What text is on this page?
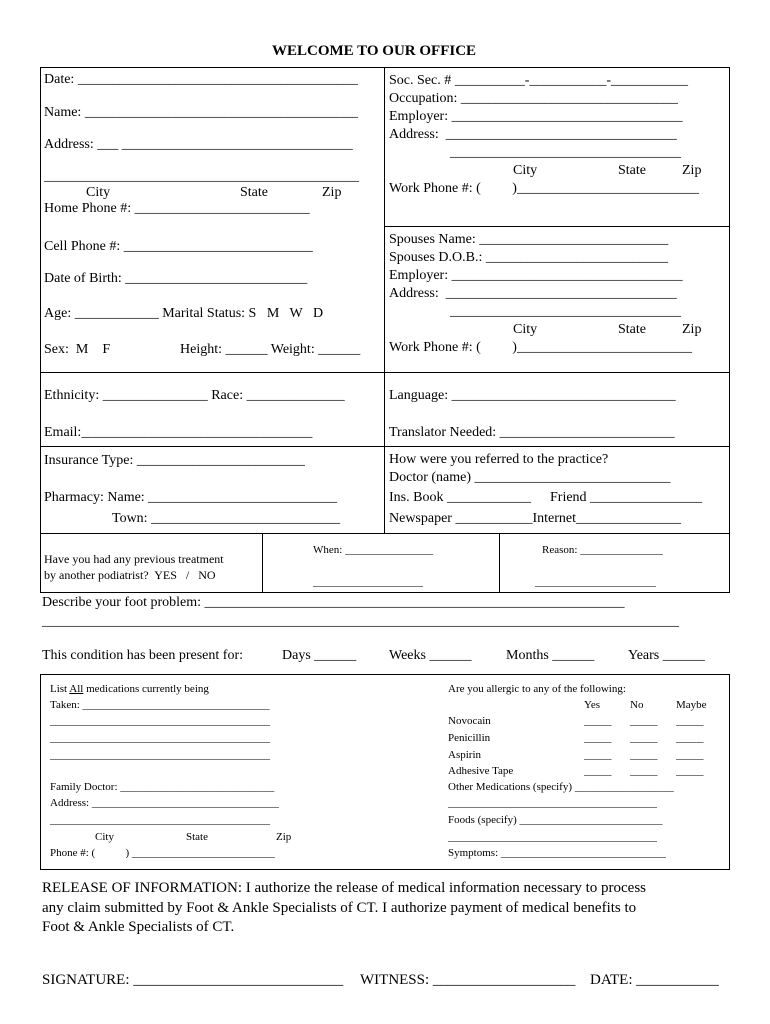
WELCOME TO OUR OFFICE
Date: ________________________________________
Name: _______________________________________
Address: ___ _________________________________
_____________________________________________
City	State	Zip
Home Phone #: _________________________
Cell Phone #: ___________________________
Date of Birth: __________________________
Age: ____________ Marital Status: S   M   W   D
Sex:  M    F	Height: ______ Weight: ______
Ethnicity: _______________ Race: ______________
Email:_________________________________
Insurance Type: ________________________
Pharmacy: Name: ___________________________
Town: ___________________________
Soc. Sec. # __________-___________-___________
Occupation: _______________________________
Employer: _________________________________
Address:  _________________________________
_________________________________
City	State	Zip
Work Phone #: (         )__________________________
Spouses Name: ___________________________
Spouses D.O.B.: __________________________
Employer: _________________________________
Address:  _________________________________
_________________________________
City	State	Zip
Work Phone #: (         )_________________________
Language: ________________________________
Translator Needed: _________________________
How were you referred to the practice?
Doctor (name) ____________________________
Ins. Book ____________ Friend ________________
Newspaper ___________Internet_______________
Have you had any previous treatment
by another podiatrist?  YES   /   NO
When: ________________
____________________
Reason: _______________
______________________
Describe your foot problem: ____________________________________________________________
___________________________________________________________________________________________
This condition has been present for:	Days ______ Weeks ______ Months ______ Years ______
List All medications currently being
Taken: __________________________________
________________________________________
________________________________________
________________________________________
Family Doctor: ____________________________
Address: __________________________________
________________________________________
City	State	Zip
Phone #: (           ) __________________________
Are you allergic to any of the following:
Yes	No	Maybe
Novocain	_____ _____ _____
Penicillin	_____ _____ _____
Aspirin	_____ _____ _____
Adhesive Tape	_____ _____ _____
Other Medications (specify) __________________
______________________________________
Foods (specify) __________________________
______________________________________
Symptoms: ______________________________
RELEASE OF INFORMATION: I authorize the release of medical information necessary to process
any claim submitted by Foot & Ankle Specialists of CT. I authorize payment of medical benefits to
Foot & Ankle Specialists of CT.
SIGNATURE: ____________________________ WITNESS: ___________________ DATE: ___________
